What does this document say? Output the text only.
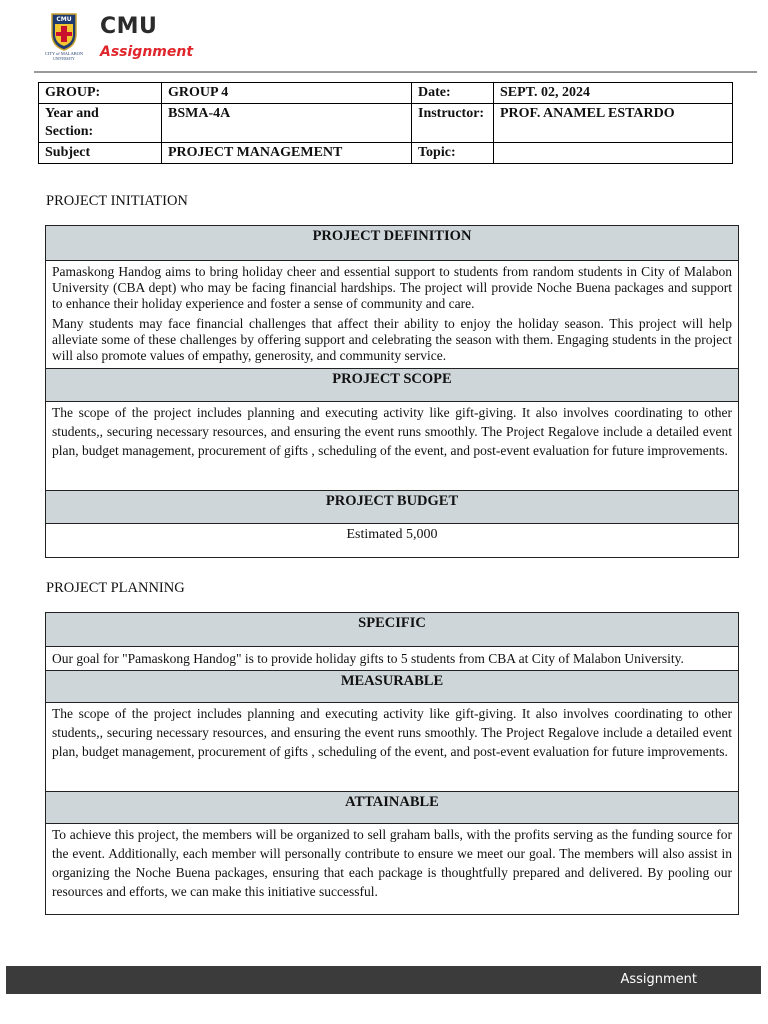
CMU
CITY of MALABON
UNIVERSITY
CMU
Assignment
GROUP:	GROUP 4	Date:	SEPT. 02, 2024

Year and
Section:	BSMA-4A	Instructor:	PROF. ANAMEL ESTARDO
Subject	PROJECT MANAGEMENT	Topic:	
PROJECT INITIATION
PROJECT DEFINITION

Pamaskong Handog aims to bring holiday cheer and essential support to students from random students in City of Malabon University (CBA dept) who may be facing financial hardships. The project will provide Noche Buena packages and support to enhance their holiday experience and foster a sense of community and care.

Many students may face financial challenges that affect their ability to enjoy the holiday season. This project will help alleviate some of these challenges by offering support and celebrating the season with them. Engaging students in the project will also promote values of empathy, generosity, and community service.

PROJECT SCOPE

The scope of the project includes planning and executing activity like gift-giving. It also involves coordinating to other students,, securing necessary resources, and ensuring the event runs smoothly. The Project Regalove include a detailed event plan, budget management, procurement of gifts , scheduling of the event, and post-event evaluation for future improvements.

PROJECT BUDGET

Estimated 5,000

PROJECT PLANNING
SPECIFIC

Our goal for "Pamaskong Handog" is to provide holiday gifts to 5 students from CBA at City of Malabon University.

MEASURABLE

The scope of the project includes planning and executing activity like gift-giving. It also involves coordinating to other students,, securing necessary resources, and ensuring the event runs smoothly. The Project Regalove include a detailed event plan, budget management, procurement of gifts , scheduling of the event, and post-event evaluation for future improvements.

ATTAINABLE

To achieve this project, the members will be organized to sell graham balls, with the profits serving as the funding source for the event. Additionally, each member will personally contribute to ensure we meet our goal. The members will also assist in organizing the Noche Buena packages, ensuring that each package is thoughtfully prepared and delivered. By pooling our resources and efforts, we can make this initiative successful.

Assignment
